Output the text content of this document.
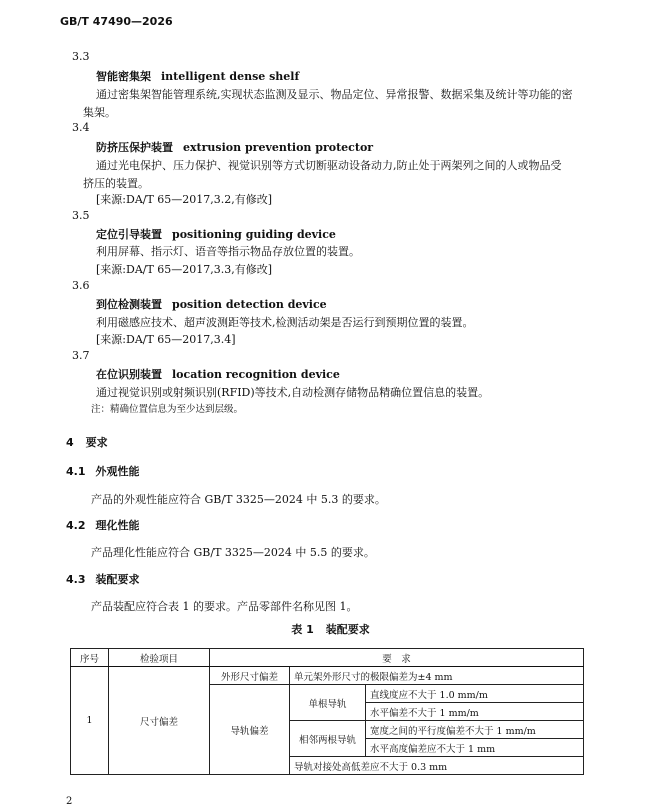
GB/T 47490—2026
3.3
智能密集架 intelligent dense shelf
通过密集架智能管理系统,实现状态监测及显示、物品定位、异常报警、数据采集及统计等功能的密
集架。
3.4
防挤压保护装置 extrusion prevention protector
通过光电保护、压力保护、视觉识别等方式切断驱动设备动力,防止处于两架列之间的人或物品受
挤压的装置。
[来源:DA/T 65—2017,3.2,有修改]
3.5
定位引导装置 positioning guiding device
利用屏幕、指示灯、语音等指示物品存放位置的装置。
[来源:DA/T 65—2017,3.3,有修改]
3.6
到位检测装置 position detection device
利用磁感应技术、超声波测距等技术,检测活动架是否运行到预期位置的装置。
[来源:DA/T 65—2017,3.4]
3.7
在位识别装置 location recognition device
通过视觉识别或射频识别(RFID)等技术,自动检测存储物品精确位置信息的装置。
注：精确位置信息为至少达到层级。
4 要求
4.1 外观性能
产品的外观性能应符合 GB/T 3325—2024 中 5.3 的要求。
4.2 理化性能
产品理化性能应符合 GB/T 3325—2024 中 5.5 的要求。
4.3 装配要求
产品装配应符合表 1 的要求。产品零部件名称见图 1。
表 1 装配要求
序号	检验项目	要　求		
1	尺寸偏差	外形尺寸偏差	单元架外形尺寸的极限偏差为±4 mm	
		导轨偏差	单根导轨	直线度应不大于 1.0 mm/m
				水平偏差不大于 1 mm/m
			相邻两根导轨	宽度之间的平行度偏差不大于 1 mm/m
				水平高度偏差应不大于 1 mm
			导轨对接处高低差应不大于 0.3 mm	
2
